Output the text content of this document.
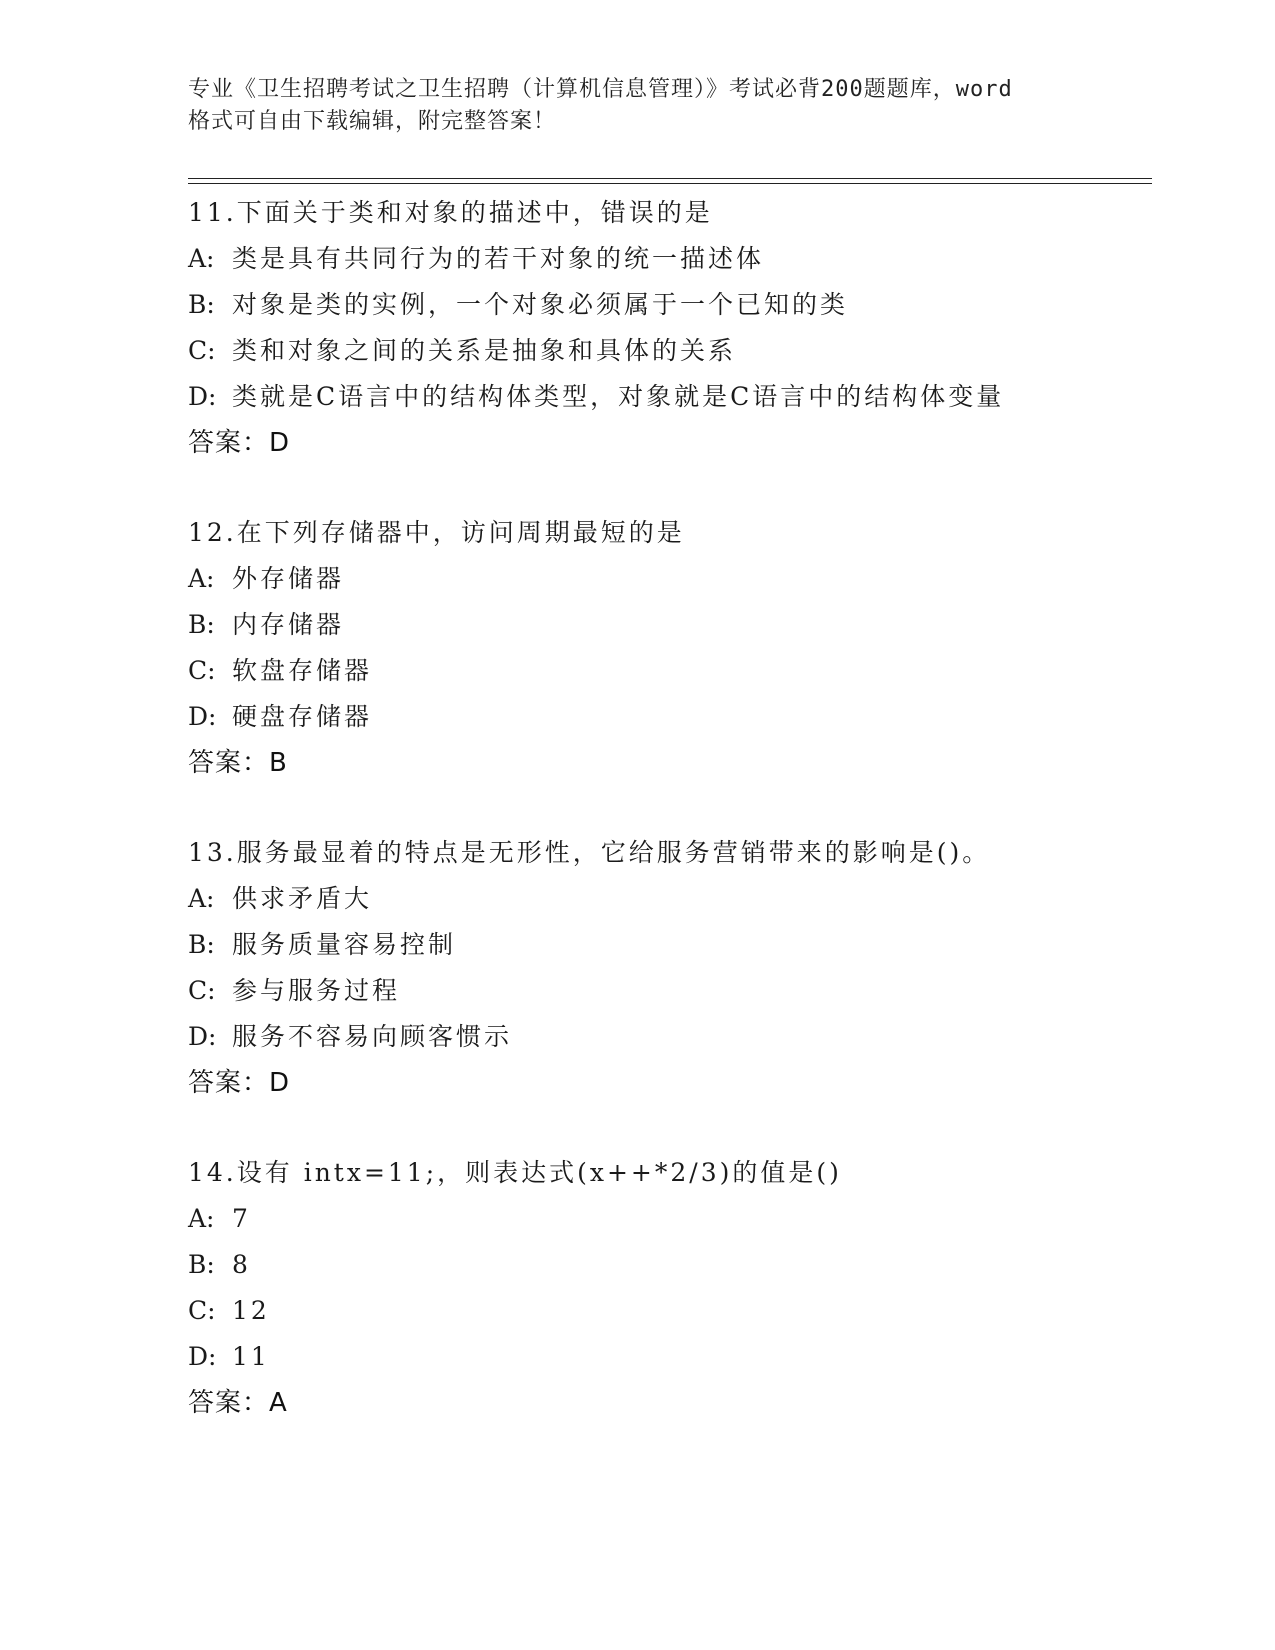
专业《卫生招聘考试之卫生招聘（计算机信息管理）》考试必背200题题库，word
格式可自由下载编辑，附完整答案！
11.下面关于类和对象的描述中，错误的是
A: 类是具有共同行为的若干对象的统一描述体
B: 对象是类的实例，一个对象必须属于一个已知的类
C: 类和对象之间的关系是抽象和具体的关系
D: 类就是C语言中的结构体类型，对象就是C语言中的结构体变量
答案：D
12.在下列存储器中，访问周期最短的是
A: 外存储器
B: 内存储器
C: 软盘存储器
D: 硬盘存储器
答案：B
13.服务最显着的特点是无形性，它给服务营销带来的影响是()。
A: 供求矛盾大
B: 服务质量容易控制
C: 参与服务过程
D: 服务不容易向顾客惯示
答案：D
14.设有 intx=11;，则表达式(x++*2/3)的值是()
A: 7
B: 8
C: 12
D: 11
答案：A
